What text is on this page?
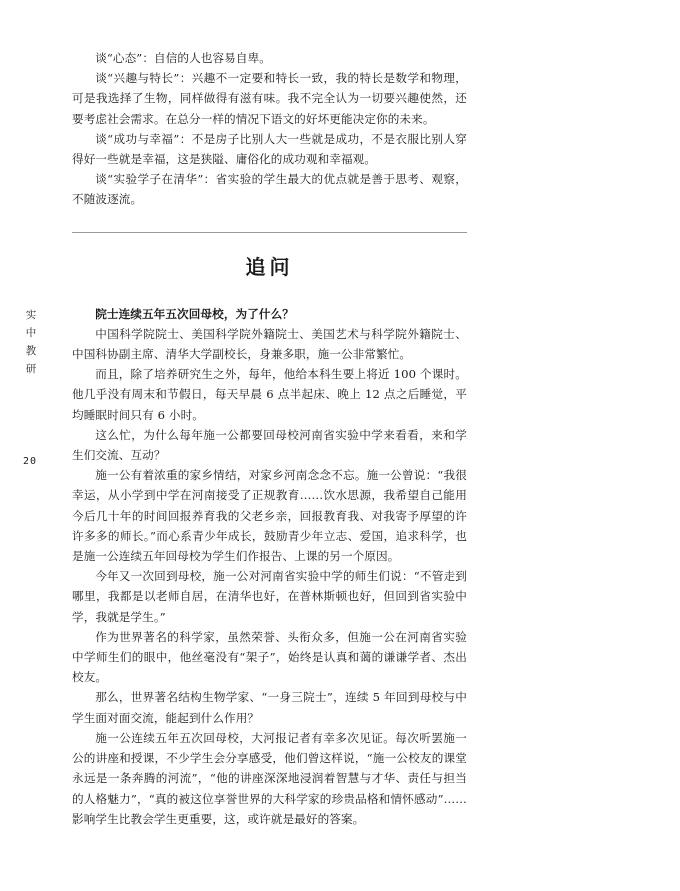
实
中
教
研
20

谈“心态”：自信的人也容易自卑。

谈“兴趣与特长”：兴趣不一定要和特长一致，我的特长是数学和物理，可是我选择了生物，同样做得有滋有味。我不完全认为一切要兴趣使然，还要考虑社会需求。在总分一样的情况下语文的好坏更能决定你的未来。

谈“成功与幸福”：不是房子比别人大一些就是成功，不是衣服比别人穿得好一些就是幸福，这是狭隘、庸俗化的成功观和幸福观。

谈“实验学子在清华”：省实验的学生最大的优点就是善于思考、观察，不随波逐流。

追问

院士连续五年五次回母校，为了什么？

中国科学院院士、美国科学院外籍院士、美国艺术与科学院外籍院士、中国科协副主席、清华大学副校长，身兼多职，施一公非常繁忙。

而且，除了培养研究生之外，每年，他给本科生要上将近 100 个课时。他几乎没有周末和节假日，每天早晨 6 点半起床、晚上 12 点之后睡觉，平均睡眠时间只有 6 小时。

这么忙，为什么每年施一公都要回母校河南省实验中学来看看，来和学生们交流、互动？

施一公有着浓重的家乡情结，对家乡河南念念不忘。施一公曾说：“我很幸运，从小学到中学在河南接受了正规教育……饮水思源，我希望自己能用今后几十年的时间回报养育我的父老乡亲，回报教育我、对我寄予厚望的许许多多的师长。”而心系青少年成长，鼓励青少年立志、爱国，追求科学，也是施一公连续五年回母校为学生们作报告、上课的另一个原因。

今年又一次回到母校，施一公对河南省实验中学的师生们说：“不管走到哪里，我都是以老师自居，在清华也好，在普林斯顿也好，但回到省实验中学，我就是学生。”

作为世界著名的科学家，虽然荣誉、头衔众多，但施一公在河南省实验中学师生们的眼中，他丝毫没有“架子”，始终是认真和蔼的谦谦学者、杰出校友。

那么，世界著名结构生物学家、“一身三院士”，连续 5 年回到母校与中学生面对面交流，能起到什么作用？

施一公连续五年五次回母校，大河报记者有幸多次见证。每次听罢施一公的讲座和授课，不少学生会分享感受，他们曾这样说，“施一公校友的课堂永远是一条奔腾的河流”，“他的讲座深深地浸润着智慧与才华、责任与担当的人格魅力”，“真的被这位享誉世界的大科学家的珍贵品格和情怀感动”……影响学生比教会学生更重要，这，或许就是最好的答案。
